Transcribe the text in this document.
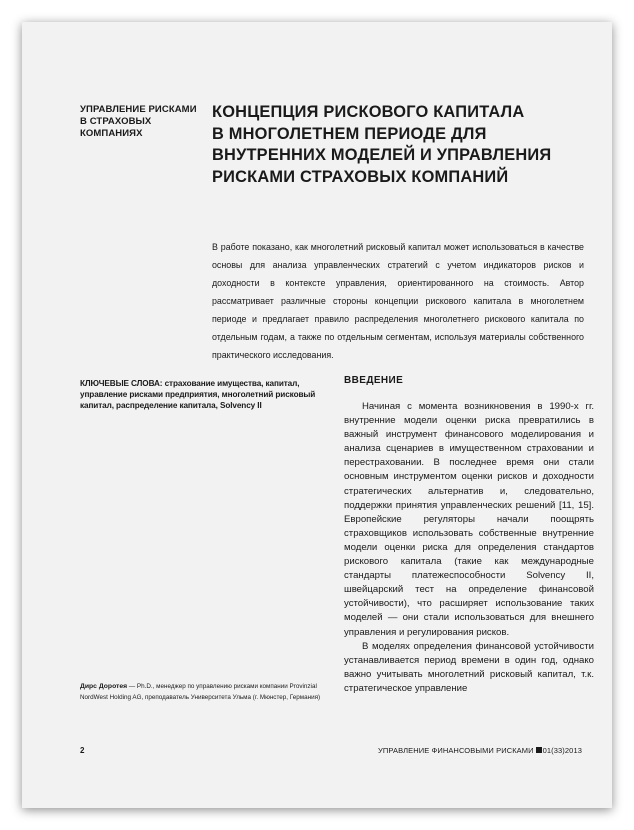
УПРАВЛЕНИЕ РИСКАМИ
В СТРАХОВЫХ
КОМПАНИЯХ
КОНЦЕПЦИЯ РИСКОВОГО КАПИТАЛА
В МНОГОЛЕТНЕМ ПЕРИОДЕ ДЛЯ
ВНУТРЕННИХ МОДЕЛЕЙ И УПРАВЛЕНИЯ
РИСКАМИ СТРАХОВЫХ КОМПАНИЙ
В работе показано, как многолетний рисковый капитал может использоваться в качестве основы для анализа управленческих стратегий с учетом индикаторов рисков и доходности в контексте управления, ориентированного на стоимость. Автор рассматривает различные стороны концепции рискового капитала в многолетнем периоде и предлагает правило распределения многолетнего рискового капитала по отдельным годам, а также по отдельным сегментам, используя материалы собственного практического исследования.
КЛЮЧЕВЫЕ СЛОВА: страхование имущества, капитал, управление рисками предприятия, многолетний рисковый капитал, распределение капитала, Solvency II
ВВЕДЕНИЕ

Начиная с момента возникновения в 1990-х гг. внутренние модели оценки риска превратились в важный инструмент финансового моделирования и анализа сценариев в имущественном страховании и перестраховании. В последнее время они стали основным инструментом оценки рисков и доходности стратегических альтернатив и, следовательно, поддержки принятия управленческих решений [11, 15]. Европейские регуляторы начали поощрять страховщиков использовать собственные внутренние модели оценки риска для определения стандартов рискового капитала (такие как международные стандарты платежеспособности Solvency II, швейцарский тест на определение финансовой устойчивости), что расширяет использование таких моделей — они стали использоваться для внешнего управления и регулирования рисков.

В моделях определения финансовой устойчивости устанавливается период времени в один год, однако важно учитывать многолетний рисковый капитал, т.к. стратегическое управление

Дирс Доротея — Ph.D., менеджер по управлению рисками компании Provinzial NordWest Holding AG, преподаватель Университета Ульма (г. Мюнстер, Германия)
2	УПРАВЛЕНИЕ ФИНАНСОВЫМИ РИСКАМИ 01(33)2013
